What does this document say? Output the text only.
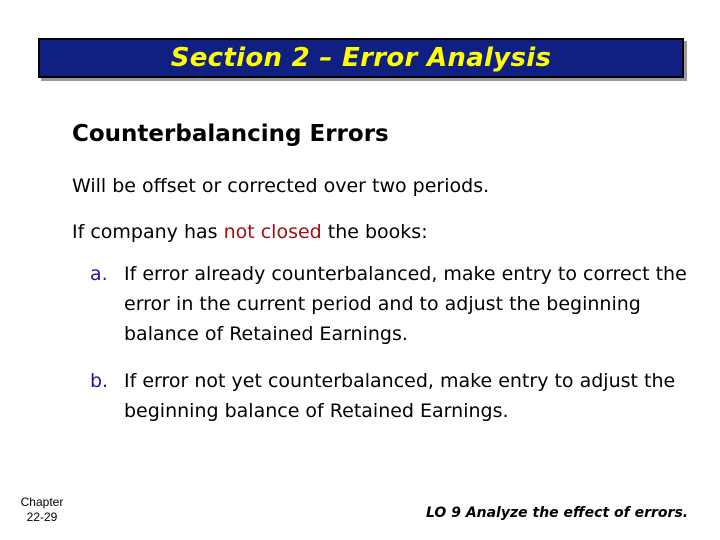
Section 2 – Error Analysis
Counterbalancing Errors
Will be offset or corrected over two periods.
If company has not closed the books:
a. If error already counterbalanced, make entry to correct the error in the current period and to adjust the beginning balance of Retained Earnings.
b. If error not yet counterbalanced, make entry to adjust the beginning balance of Retained Earnings.
Chapter
22-29	LO 9 Analyze the effect of errors.
